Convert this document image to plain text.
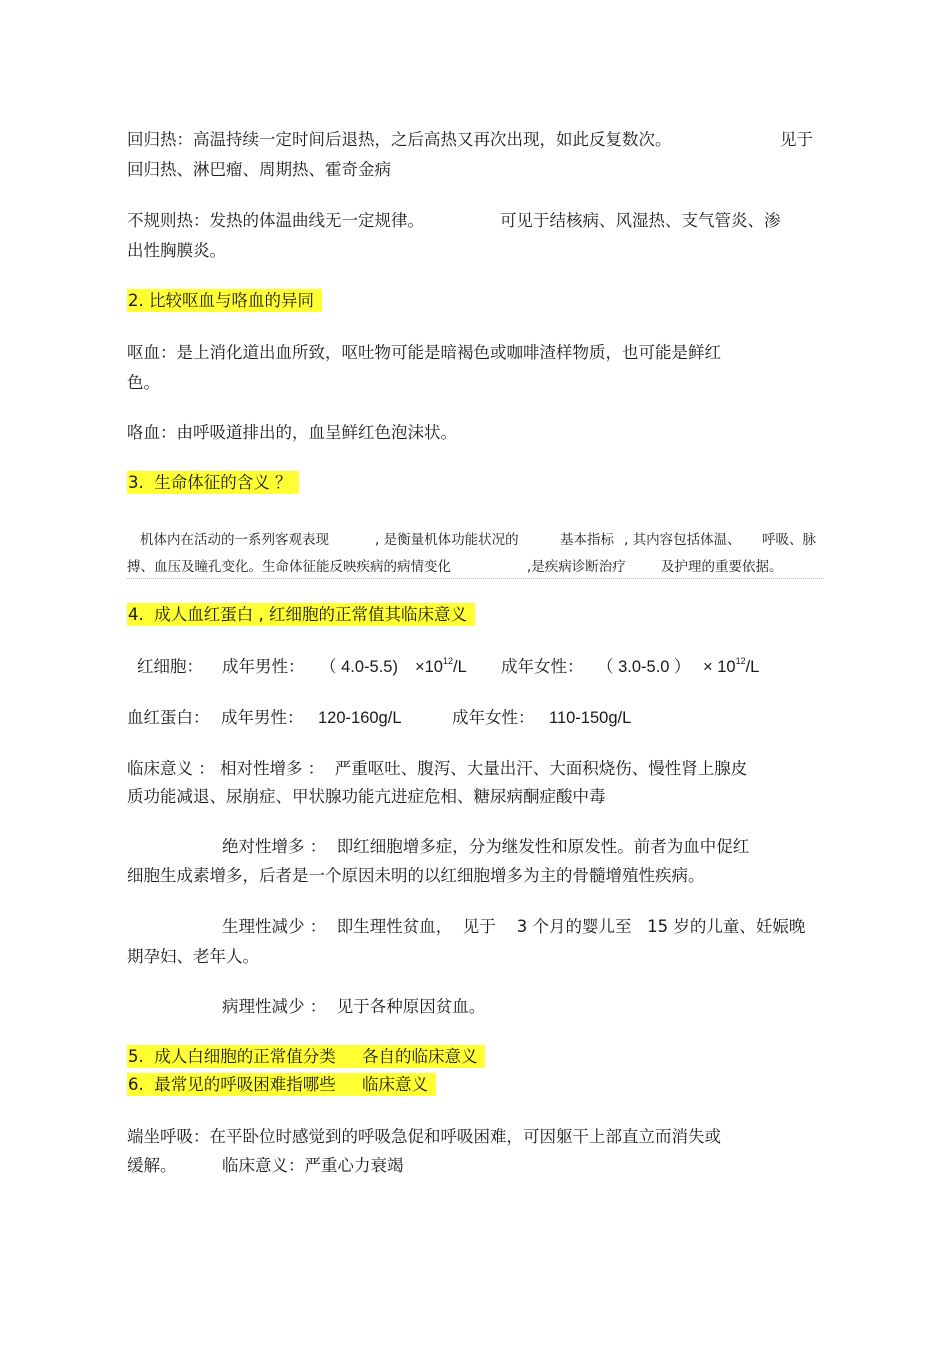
回归热：高温持续一定时间后退热，之后高热又再次出现，如此反复数次。	见于
回归热、淋巴瘤、周期热、霍奇金病
不规则热：发热的体温曲线无一定规律。	可见于结核病、风湿热、支气管炎、渗
出性胸膜炎。
2. 比较呕血与咯血的异同
呕血：是上消化道出血所致，呕吐物可能是暗褐色或咖啡渣样物质，也可能是鲜红
色。
咯血：由呼吸道排出的，血呈鲜红色泡沫状。
3.  生命体征的含义 ？
机体内在活动的一系列客观表现	, 是衡量机体功能状况的	基本指标 , 其内容包括体温、 呼吸、脉
搏、血压及瞳孔变化。生命体征能反映疾病的病情变化	,是疾病诊断治疗	及护理的重要依据。
4.  成人血红蛋白 , 红细胞的正常值其临床意义
红细胞： 成年男性： （ $4.0-5.5) \times 10^{12}/L$ 成年女性： （ 3.0-5.0 ） × $10^{12}/L$
血红蛋白： 成年男性： 120-160g/L	成年女性： 110-150g/L
临床意义 ： 相对性增多 ：  严重呕吐、腹泻、大量出汗、大面积烧伤、慢性肾上腺皮
质功能减退、尿崩症、甲状腺功能亢进症危相、糖尿病酮症酸中毒
绝对性增多 ：  即红细胞增多症，分为继发性和原发性。前者为血中促红
细胞生成素增多，后者是一个原因未明的以红细胞增多为主的骨髓增殖性疾病。
生理性减少 ：  即生理性贫血，  见于    3 个月的婴儿至   15 岁的儿童、妊娠晚
期孕妇、老年人。
病理性减少 ：  见于各种原因贫血。
5.  成人白细胞的正常值分类     各自的临床意义
6.  最常见的呼吸困难指哪些     临床意义
端坐呼吸：在平卧位时感觉到的呼吸急促和呼吸困难，可因躯干上部直立而消失或
缓解。	临床意义：严重心力衰竭
